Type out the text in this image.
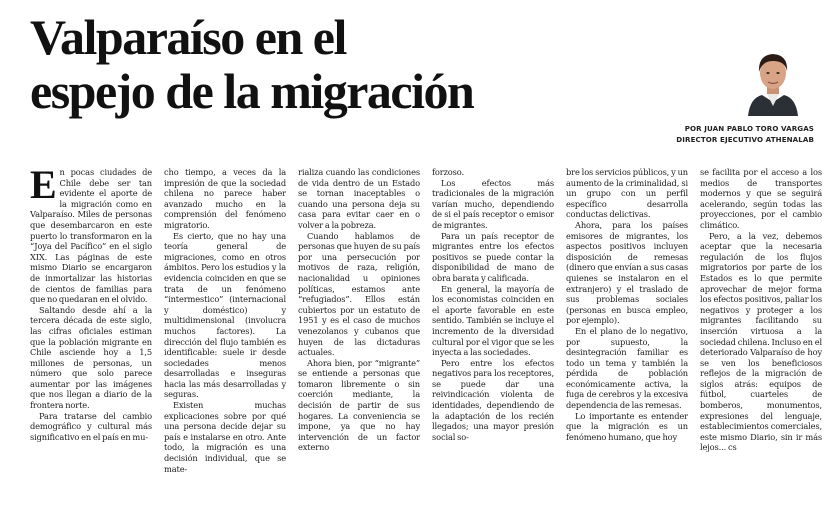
Valparaíso en el
espejo de la migración
POR JUAN PABLO TORO VARGAS
DIRECTOR EJECUTIVO ATHENALAB

En pocas ciudades de Chile debe ser tan evidente el aporte de la migración como en Valparaíso. Miles de personas que desembarcaron en este puerto lo transformaron en la “Joya del Pacífico” en el siglo XIX. Las páginas de este mismo Diario se encargaron de inmortalizar las historias de cientos de familias para que no quedaran en el olvido.

Saltando desde ahí a la tercera década de este siglo, las cifras oficiales estiman que la población migrante en Chile asciende hoy a 1,5 millones de personas, un número que solo parece aumentar por las imágenes que nos llegan a diario de la frontera norte.

Para tratarse del cambio demográfico y cultural más significativo en el país en mu-

cho tiempo, a veces da la impresión de que la sociedad chilena no parece haber avanzado mucho en la comprensión del fenómeno migratorio.

Es cierto, que no hay una teoría general de migraciones, como en otros ámbitos. Pero los estudios y la evidencia coinciden en que se trata de un fenómeno “intermestico” (internacional y doméstico) y multidimensional (involucra muchos factores). La dirección del flujo también es identificable: suele ir desde sociedades menos desarrolladas e inseguras hacia las más desarrolladas y seguras.

Existen muchas explicaciones sobre por qué una persona decide dejar su país e instalarse en otro. Ante todo, la migración es una decisión individual, que se mate-

rializa cuando las condiciones de vida dentro de un Estado se tornan inaceptables o cuando una persona deja su casa para evitar caer en o volver a la pobreza.

Cuando hablamos de personas que huyen de su país por una persecución por motivos de raza, religión, nacionalidad u opiniones políticas, estamos ante “refugiados”. Ellos están cubiertos por un estatuto de 1951 y es el caso de muchos venezolanos y cubanos que huyen de las dictaduras actuales.

Ahora bien, por “migrante” se entiende a personas que tomaron libremente o sin coerción mediante, la decisión de partir de sus hogares. La conveniencia se impone, ya que no hay intervención de un factor externo

forzoso.

Los efectos más tradicionales de la migración varían mucho, dependiendo de si el país receptor o emisor de migrantes.

Para un país receptor de migrantes entre los efectos positivos se puede contar la disponibilidad de mano de obra barata y calificada.

En general, la mayoría de los economistas coinciden en el aporte favorable en este sentido. También se incluye el incremento de la diversidad cultural por el vigor que se les inyecta a las sociedades.

Pero entre los efectos negativos para los receptores, se puede dar una reivindicación violenta de identidades, dependiendo de la adaptación de los recién llegados; una mayor presión social so-

bre los servicios públicos, y un aumento de la criminalidad, si un grupo con un perfil específico desarrolla conductas delictivas.

Ahora, para los países emisores de migrantes, los aspectos positivos incluyen disposición de remesas (dinero que envían a sus casas quienes se instalaron en el extranjero) y el traslado de sus problemas sociales (personas en busca empleo, por ejemplo).

En el plano de lo negativo, por supuesto, la desintegración familiar es todo un tema y también la pérdida de población económicamente activa, la fuga de cerebros y la excesiva dependencia de las remesas.

Lo importante es entender que la migración es un fenómeno humano, que hoy

se facilita por el acceso a los medios de transportes modernos y que se seguirá acelerando, según todas las proyecciones, por el cambio climático.

Pero, a la vez, debemos aceptar que la necesaria regulación de los flujos migratorios por parte de los Estados es lo que permite aprovechar de mejor forma los efectos positivos, paliar los negativos y proteger a los migrantes facilitando su inserción virtuosa a la sociedad chilena. Incluso en el deteriorado Valparaíso de hoy se ven los beneficiosos reflejos de la migración de siglos atrás: equipos de fútbol, cuarteles de bomberos, monumentos, expresiones del lenguaje, establecimientos comerciales, este mismo Diario, sin ir más lejos... cs
